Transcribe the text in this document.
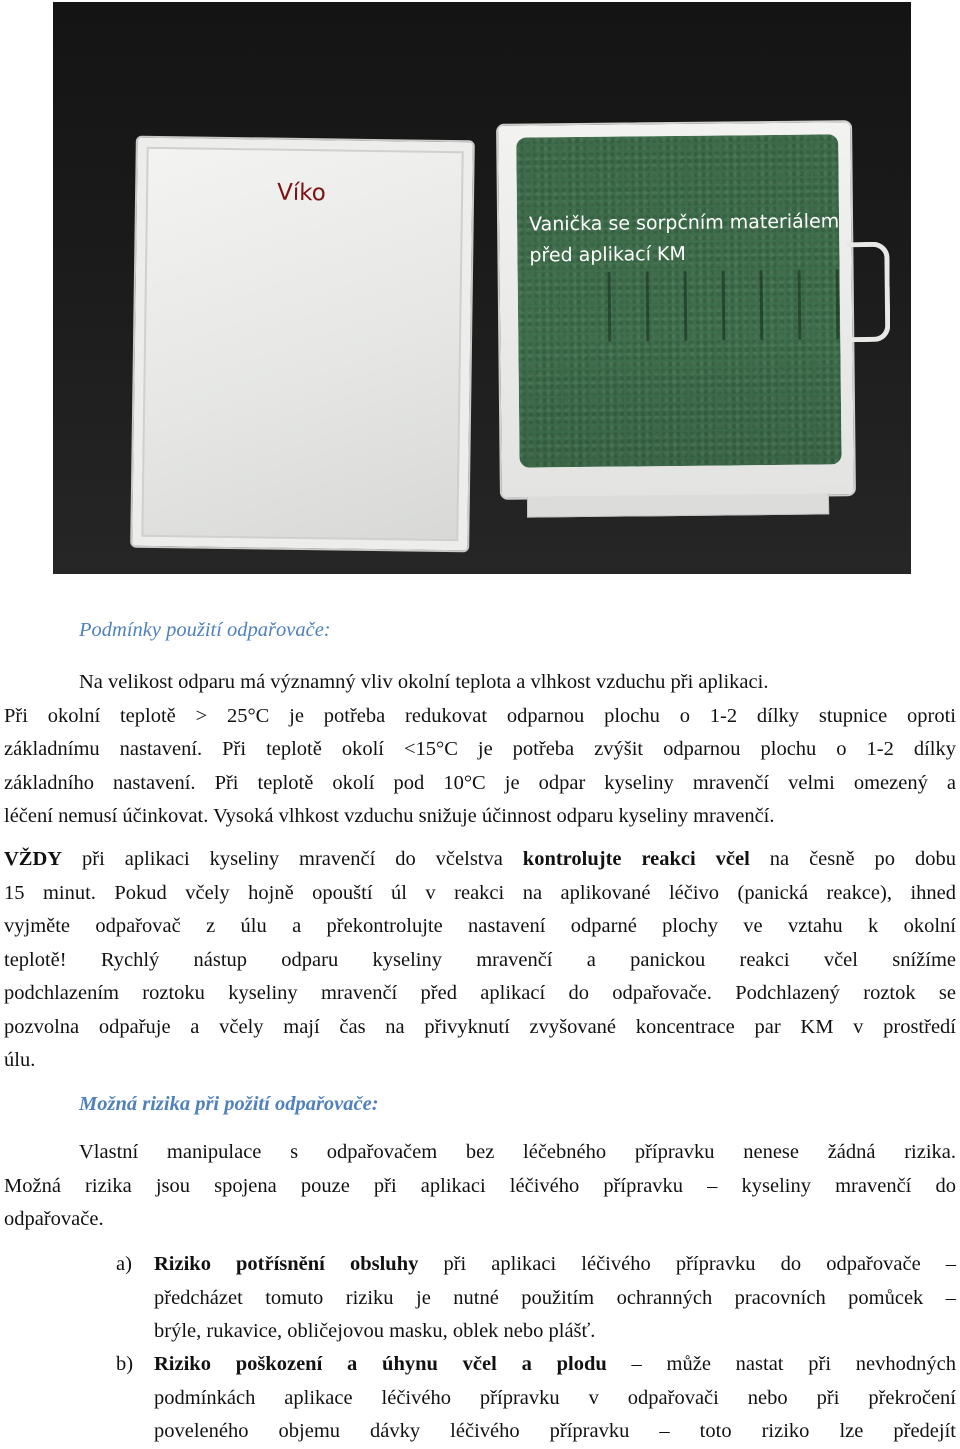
Víko
Vanička se sorpčním materiálem
před aplikací KM
Podmínky použití odpařovače:
Na velikost odparu má významný vliv okolní teplota a vlhkost vzduchu při aplikaci.
Při okolní teplotě > 25°C je potřeba redukovat odparnou plochu o 1-2 dílky stupnice oproti
základnímu nastavení. Při teplotě okolí <15°C je potřeba zvýšit odparnou plochu o 1-2 dílky
základního nastavení. Při teplotě okolí pod 10°C je odpar kyseliny mravenčí velmi omezený a
léčení nemusí účinkovat. Vysoká vlhkost vzduchu snižuje účinnost odparu kyseliny mravenčí.
VŽDY při aplikaci kyseliny mravenčí do včelstva kontrolujte reakci včel na česně po dobu
15 minut. Pokud včely hojně opouští úl v reakci na aplikované léčivo (panická reakce), ihned
vyjměte odpařovač z úlu a překontrolujte nastavení odparné plochy ve vztahu k okolní
teplotě! Rychlý nástup odparu kyseliny mravenčí a panickou reakci včel snížíme
podchlazením roztoku kyseliny mravenčí před aplikací do odpařovače. Podchlazený roztok se
pozvolna odpařuje a včely mají čas na přivyknutí zvyšované koncentrace par KM v prostředí
úlu.
Možná rizika při požití odpařovače:
Vlastní manipulace s odpařovačem bez léčebného přípravku nenese žádná rizika.
Možná rizika jsou spojena pouze při aplikaci léčivého přípravku – kyseliny mravenčí do
odpařovače.
a)	Riziko potřísnění obsluhy při aplikaci léčivého přípravku do odpařovače –
předcházet tomuto riziku je nutné použitím ochranných pracovních pomůcek –
brýle, rukavice, obličejovou masku, oblek nebo plášť.
b)	Riziko poškození a úhynu včel a plodu – může nastat při nevhodných
podmínkách aplikace léčivého přípravku v odpařovači nebo při překročení
poveleného objemu dávky léčivého přípravku – toto riziko lze předejít
